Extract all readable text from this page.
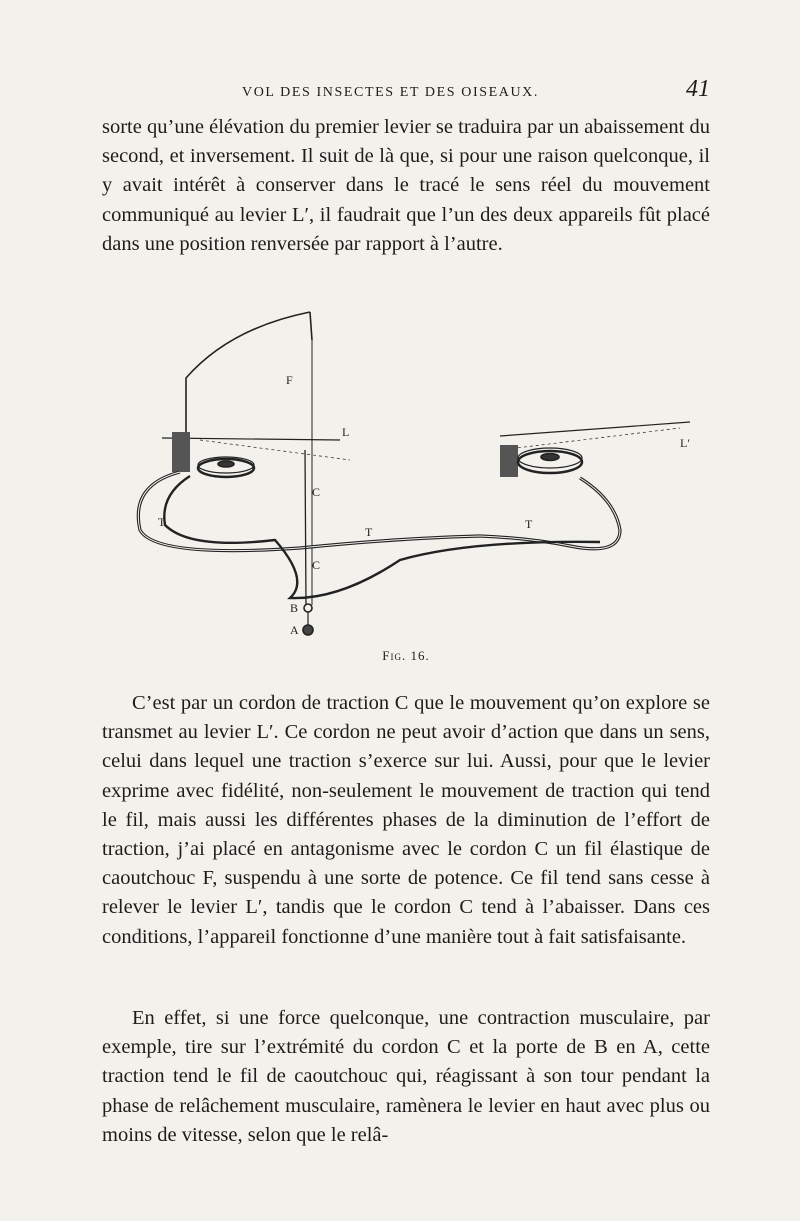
VOL DES INSECTES ET DES OISEAUX.	41

sorte qu’une élévation du premier levier se traduira par un abaissement du second, et inversement. Il suit de là que, si pour une raison quelconque, il y avait intérêt à conserver dans le tracé le sens réel du mouvement communiqué au levier L′, il faudrait que l’un des deux appareils fût placé dans une position renversée par rapport à l’autre.

F
L
L′
C
C
T
T
T
B
A
Fig. 16.

C’est par un cordon de traction C que le mouvement qu’on explore se transmet au levier L′. Ce cordon ne peut avoir d’action que dans un sens, celui dans lequel une traction s’exerce sur lui. Aussi, pour que le levier exprime avec fidélité, non-seulement le mouvement de traction qui tend le fil, mais aussi les différentes phases de la diminution de l’effort de traction, j’ai placé en antagonisme avec le cordon C un fil élastique de caoutchouc F, suspendu à une sorte de potence. Ce fil tend sans cesse à relever le levier L′, tandis que le cordon C tend à l’abaisser. Dans ces conditions, l’appareil fonctionne d’une manière tout à fait satisfaisante.

En effet, si une force quelconque, une contraction musculaire, par exemple, tire sur l’extrémité du cordon C et la porte de B en A, cette traction tend le fil de caoutchouc qui, réagissant à son tour pendant la phase de relâchement musculaire, ramènera le levier en haut avec plus ou moins de vitesse, selon que le relâ-
